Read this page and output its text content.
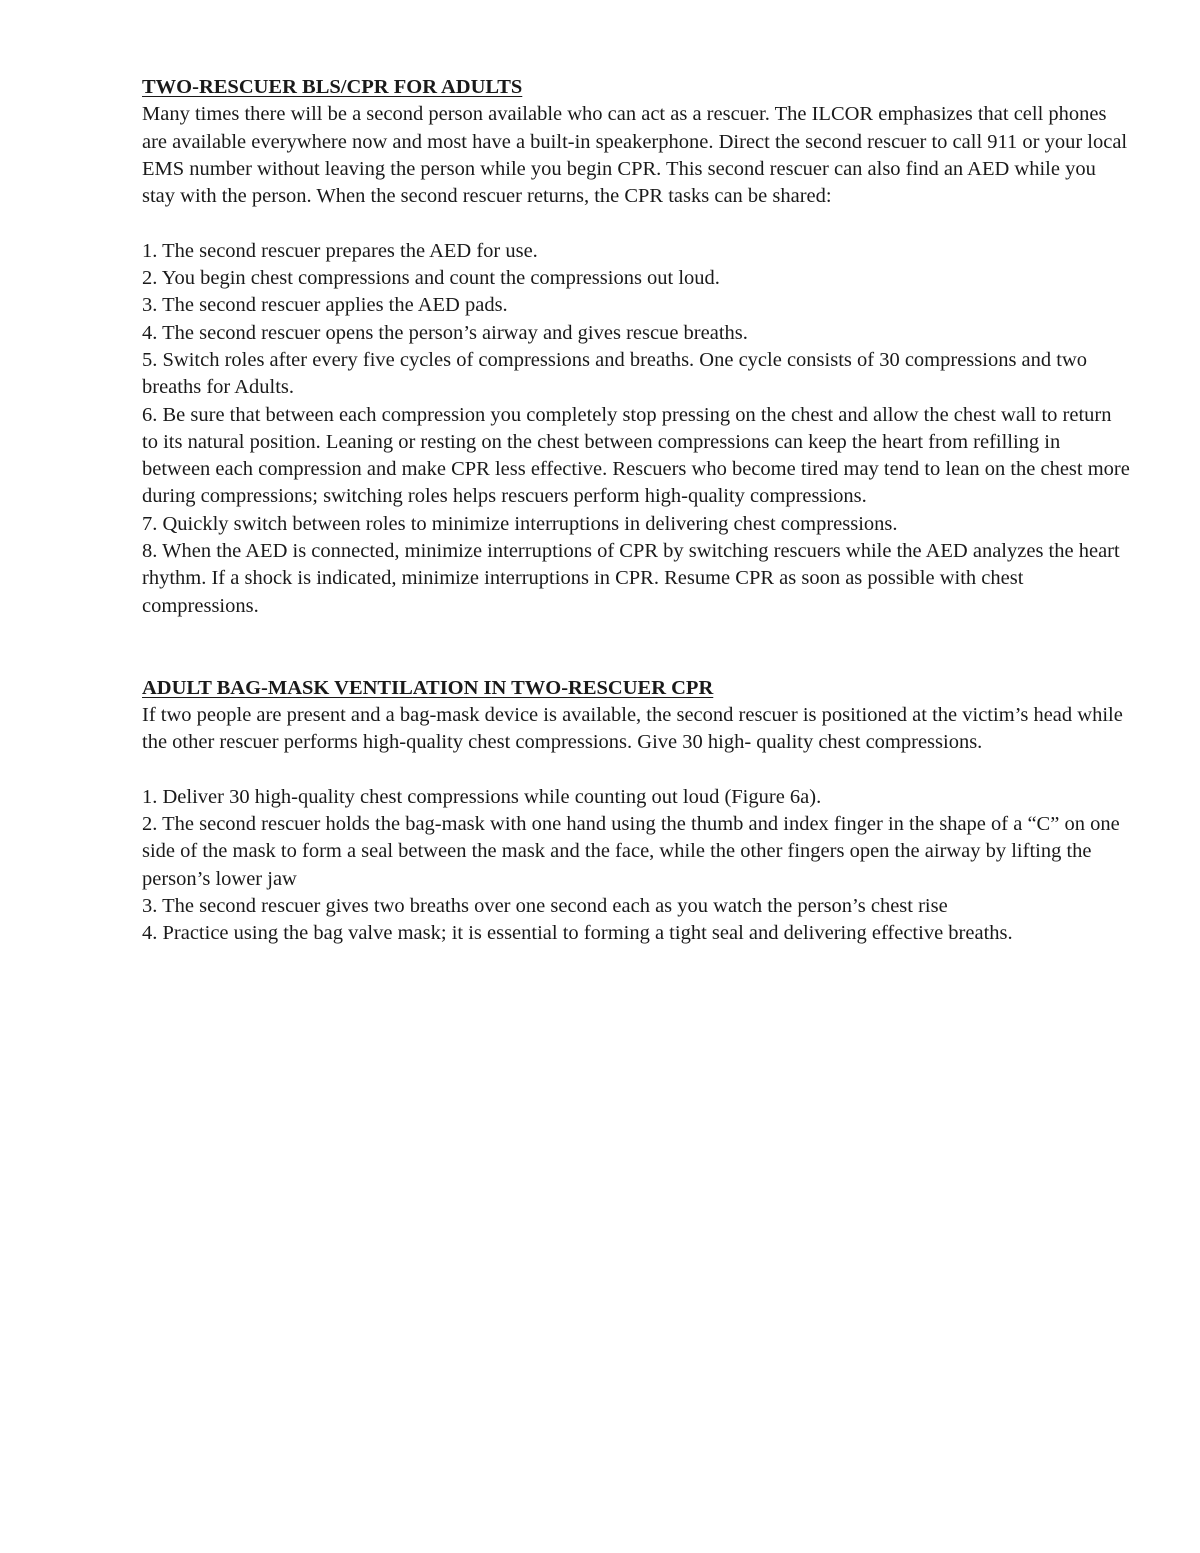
TWO-RESCUER BLS/CPR FOR ADULTS

Many times there will be a second person available who can act as a rescuer. The ILCOR emphasizes that cell phones are available everywhere now and most have a built-in speakerphone. Direct the second rescuer to call 911 or your local EMS number without leaving the person while you begin CPR. This second rescuer can also find an AED while you stay with the person. When the second rescuer returns, the CPR tasks can be shared:

1. The second rescuer prepares the AED for use.
2. You begin chest compressions and count the compressions out loud.
3. The second rescuer applies the AED pads.
4. The second rescuer opens the person’s airway and gives rescue breaths.
5. Switch roles after every five cycles of compressions and breaths. One cycle consists of 30 compressions and two breaths for Adults.
6. Be sure that between each compression you completely stop pressing on the chest and allow the chest wall to return to its natural position. Leaning or resting on the chest between compressions can keep the heart from refilling in between each compression and make CPR less effective. Rescuers who become tired may tend to lean on the chest more during compressions; switching roles helps rescuers perform high-quality compressions.
7. Quickly switch between roles to minimize interruptions in delivering chest compressions.
8. When the AED is connected, minimize interruptions of CPR by switching rescuers while the AED analyzes the heart rhythm. If a shock is indicated, minimize interruptions in CPR. Resume CPR as soon as possible with chest compressions.
ADULT BAG-MASK VENTILATION IN TWO-RESCUER CPR

If two people are present and a bag-mask device is available, the second rescuer is positioned at the victim’s head while the other rescuer performs high-quality chest compressions. Give 30 high- quality chest compressions.

1. Deliver 30 high-quality chest compressions while counting out loud (Figure 6a).
2. The second rescuer holds the bag-mask with one hand using the thumb and index finger in the shape of a “C” on one side of the mask to form a seal between the mask and the face, while the other fingers open the airway by lifting the person’s lower jaw
3. The second rescuer gives two breaths over one second each as you watch the person’s chest rise
4. Practice using the bag valve mask; it is essential to forming a tight seal and delivering effective breaths.
